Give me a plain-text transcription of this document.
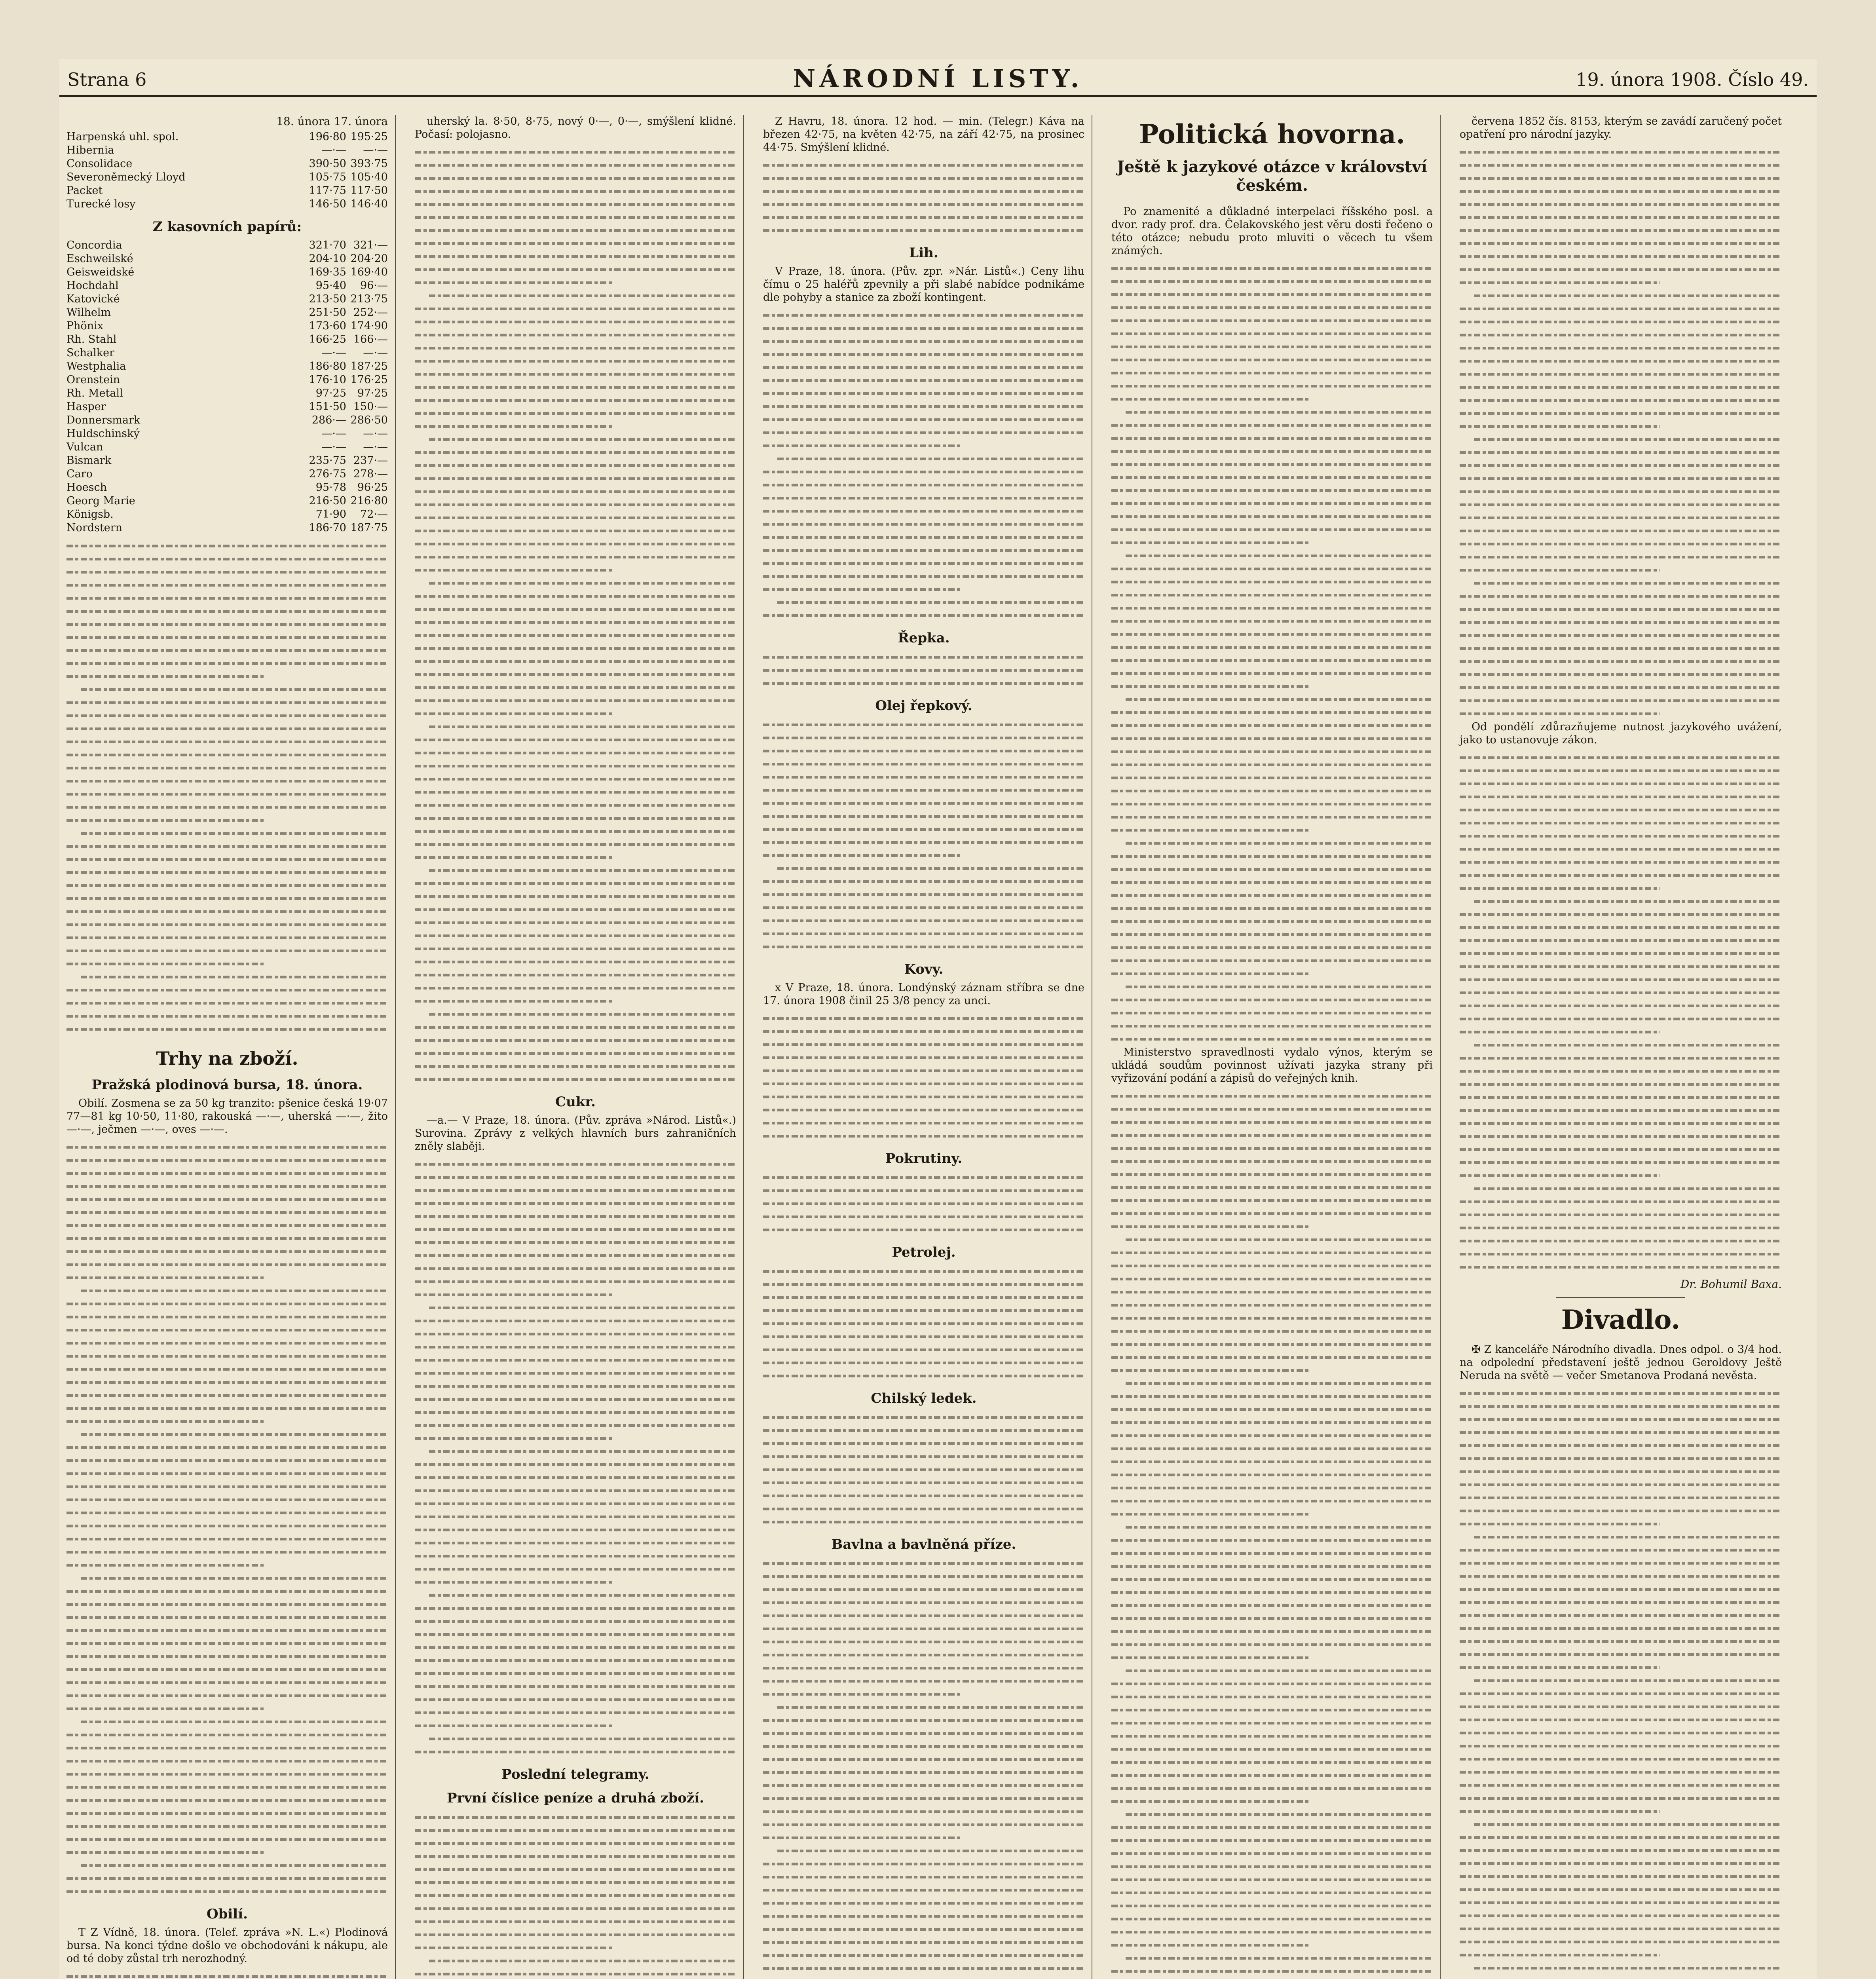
Strana 6	NÁRODNÍ LISTY.	19. února 1908. Číslo 49.
18. února 17. února
Harpenská uhl. spol.	196·80 195·25
Hibernia	—·—	—·—
Consolidace	390·50 393·75
Severoněmecký Lloyd	105·75 105·40
Packet	117·75 117·50
Turecké losy	146·50 146·40
Z kasovních papírů:
Concordia	321·70 321·—
Eschweilské	204·10 204·20
Geisweidské	169·35 169·40
Hochdahl	95·40	96·—
Katovické	213·50 213·75
Wilhelm	251·50 252·—
Phönix	173·60 174·90
Rh. Stahl	166·25 166·—
Schalker	—·—	—·—
Westphalia	186·80 187·25
Orenstein	176·10 176·25
Rh. Metall	97·25	97·25
Hasper	151·50 150·—
Donnersmark	286·— 286·50
Huldschinský	—·—	—·—
Vulcan	—·—	—·—
Bismark	235·75 237·—
Caro	276·75 278·—
Hoesch	95·78	96·25
Georg Marie	216·50 216·80
Königsb.	71·90	72·—
Nordstern	186·70 187·75
Trhy na zboží.
Pražská plodinová bursa, 18. února.

Obilí. Zosmena se za 50 kg tranzito: pšenice česká 19·07 77—81 kg 10·50, 11·80, rakouská —·—, uherská —·—, žito —·—, ječmen —·—, oves —·—.

Obilí.

T Z Vídně, 18. února. (Telef. zpráva »N. L.«) Plodinová bursa. Na konci týdne došlo ve obchodováni k nákupu, ale od té doby zůstal trh nerozhodný.

uherský la. 8·50, 8·75, nový 0·—, 0·—, smýšlení klidné. Počasí: polojasno.

Cukr.

—a.— V Praze, 18. února. (Pův. zpráva »Národ. Listů«.) Surovina. Zprávy z velkých hlavních burs zahraničních zněly slaběji.

Poslední telegramy.
První číslice peníze a druhá zboží.

Z Havru, 18. února. 12 hod. — min. (Telegr.) Káva na březen 42·75, na květen 42·75, na září 42·75, na prosinec 44·75. Smýšlení klidné.

Lih.

V Praze, 18. února. (Pův. zpr. »Nár. Listů«.) Ceny lihu čímu o 25 haléřů zpevnily a při slabé nabídce podnikáme dle pohyby a stanice za zboží kontingent.

Řepka.
Olej řepkový.
Kovy.

x V Praze, 18. února. Londýnský záznam stříbra se dne 17. února 1908 činil 25 3/8 pency za unci.

Pokrutiny.
Petrolej.
Chilský ledek.
Bavlna a bavlněná příze.
Politická hovorna.
Ještě k jazykové otázce v království českém.

Po znamenité a důkladné interpelaci říšského posl. a dvor. rady prof. dra. Čelakovského jest věru dosti řečeno o této otázce; nebudu proto mluviti o věcech tu všem známých.

Ministerstvo spravedlnosti vydalo výnos, kterým se ukládá soudům povinnost užívati jazyka strany při vyřizování podání a zápisů do veřejných knih.

červena 1852 čís. 8153, kterým se zavádí zaručený počet opatření pro národní jazyky.

Od pondělí zdůrazňujeme nutnost jazykového uvážení, jako to ustanovuje zákon.

Dr. Bohumil Baxa.
Divadlo.

✠ Z kanceláře Národního divadla. Dnes odpol. o 3/4 hod. na odpolední představení ještě jednou Geroldovy Ještě Neruda na světě — večer Smetanova Prodaná nevěsta.
